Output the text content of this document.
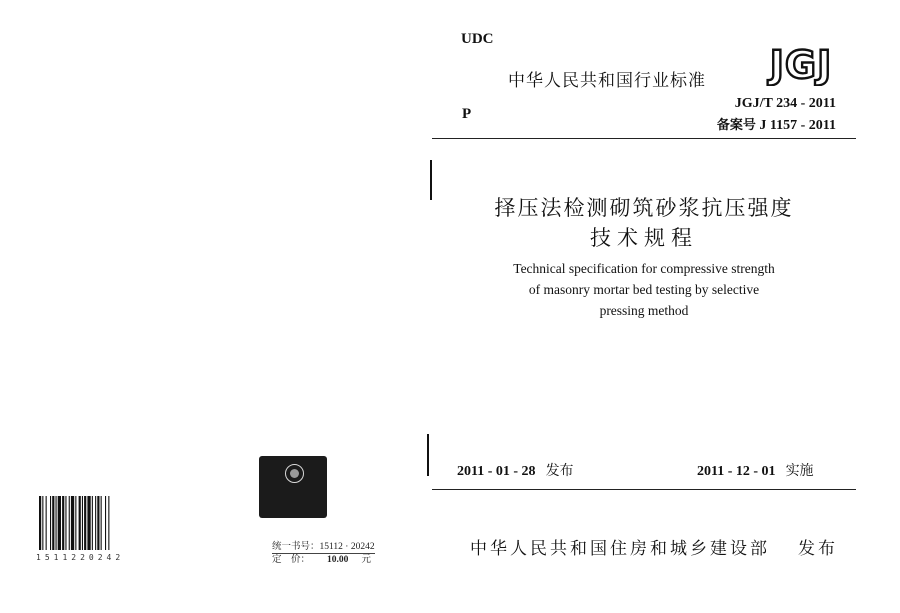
UDC
P
中华人民共和国行业标准 JGJ
JGJ/T 234 - 2011
备案号 J 1157 - 2011
择压法检测砌筑砂浆抗压强度
技术规程
Technical specification for compressive strength
of masonry mortar bed testing by selective
pressing method
2011 - 01 - 28 发布	2011 - 12 - 01 实施
中华人民共和国住房和城乡建设部 发布
1511220242
统一书号：15112 · 20242
定　价： 10.00 元
